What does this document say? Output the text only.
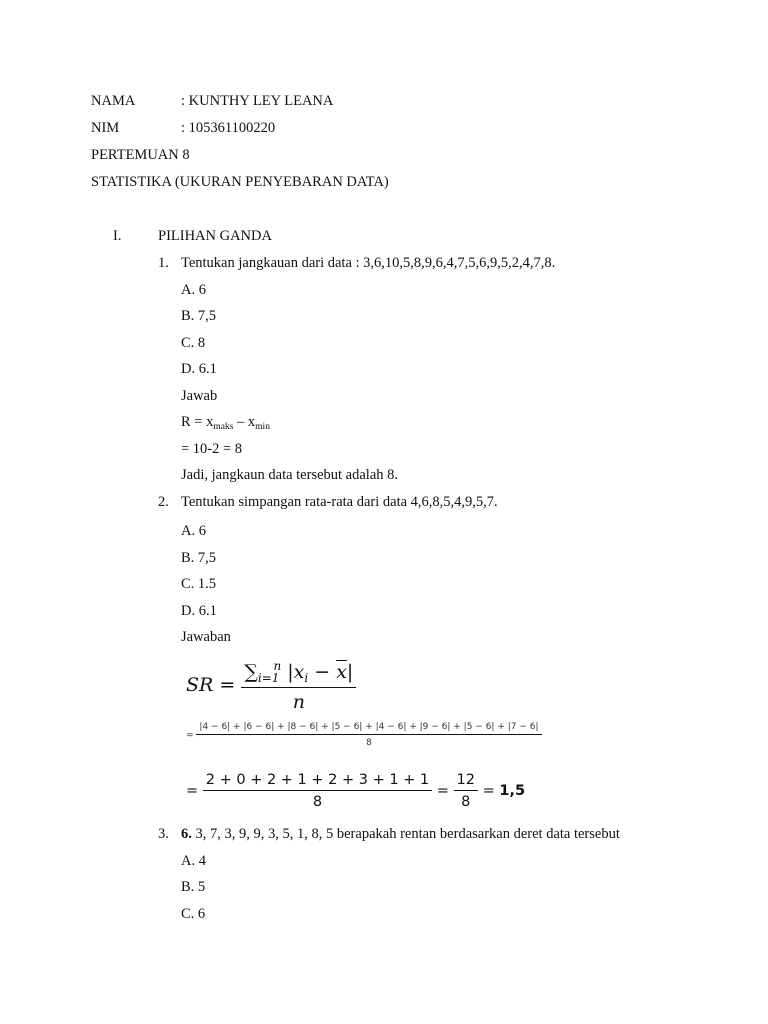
NAMA	: KUNTHY LEY LEANA
NIM	: 105361100220
PERTEMUAN 8
STATISTIKA (UKURAN PENYEBARAN DATA)
I.	PILIHAN GANDA
1. Tentukan jangkauan dari data : 3,6,10,5,8,9,6,4,7,5,6,9,5,2,4,7,8.
A. 6
B. 7,5
C. 8
D. 6.1
Jawab
$R = x_{maks} - x_{min}$
= 10-2 = 8
Jadi, jangkaun data tersebut adalah 8.
2. Tentukan simpangan rata-rata dari data 4,6,8,5,4,9,5,7.
A. 6
B. 7,5
C. 1.5
D. 6.1
Jawaban
SR = $\frac{\sum_{i=1}^n |x_i - \overline{x}|}{n}$
=
|4 − 6| + |6 − 6| + |8 − 6| + |5 − 6| + |4 − 6| + |9 − 6| + |5 − 6| + |7 − 6|
8
= $\frac{2 + 0 + 2 + 1 + 2 + 3 + 1 + 1}{8} = \frac{12}{8} = 1,5$
3. 6. 3, 7, 3, 9, 9, 3, 5, 1, 8, 5 berapakah rentan berdasarkan deret data tersebut
A. 4
B. 5
C. 6
